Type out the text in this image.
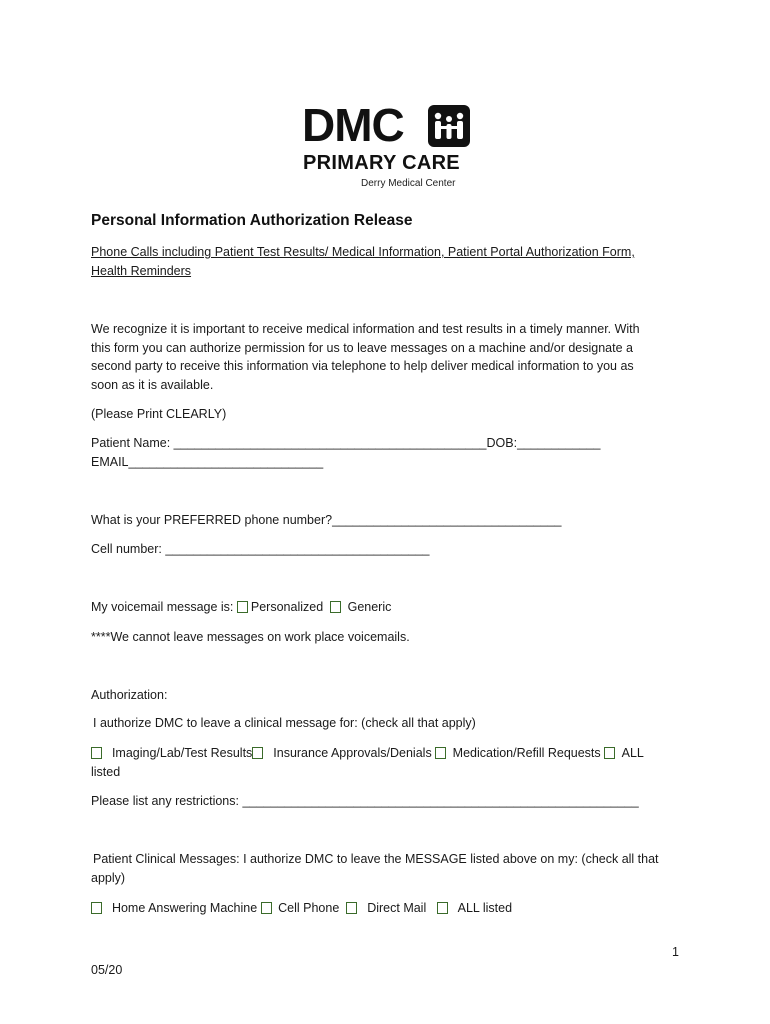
DMC
PRIMARY CARE
Derry Medical Center
Personal Information Authorization Release
Phone Calls including Patient Test Results/ Medical Information, Patient Portal Authorization Form,
Health Reminders
We recognize it is important to receive medical information and test results in a timely manner. With
this form you can authorize permission for us to leave messages on a machine and/or designate a
second party to receive this information via telephone to help deliver medical information to you as
soon as it is available.
(Please Print CLEARLY)
Patient Name: _____________________________________________DOB:____________
EMAIL____________________________
What is your PREFERRED phone number?_________________________________
Cell number: ______________________________________
My voicemail message is: Personalized Generic
****We cannot leave messages on work place voicemails.
Authorization:
I authorize DMC to leave a clinical message for: (check all that apply)
Imaging/Lab/Test Results Insurance Approvals/Denials Medication/Refill Requests ALL
listed
Please list any restrictions: _________________________________________________________
Patient Clinical Messages: I authorize DMC to leave the MESSAGE listed above on my: (check all that
apply)
Home Answering Machine Cell Phone Direct Mail	ALL listed
1
05/20
